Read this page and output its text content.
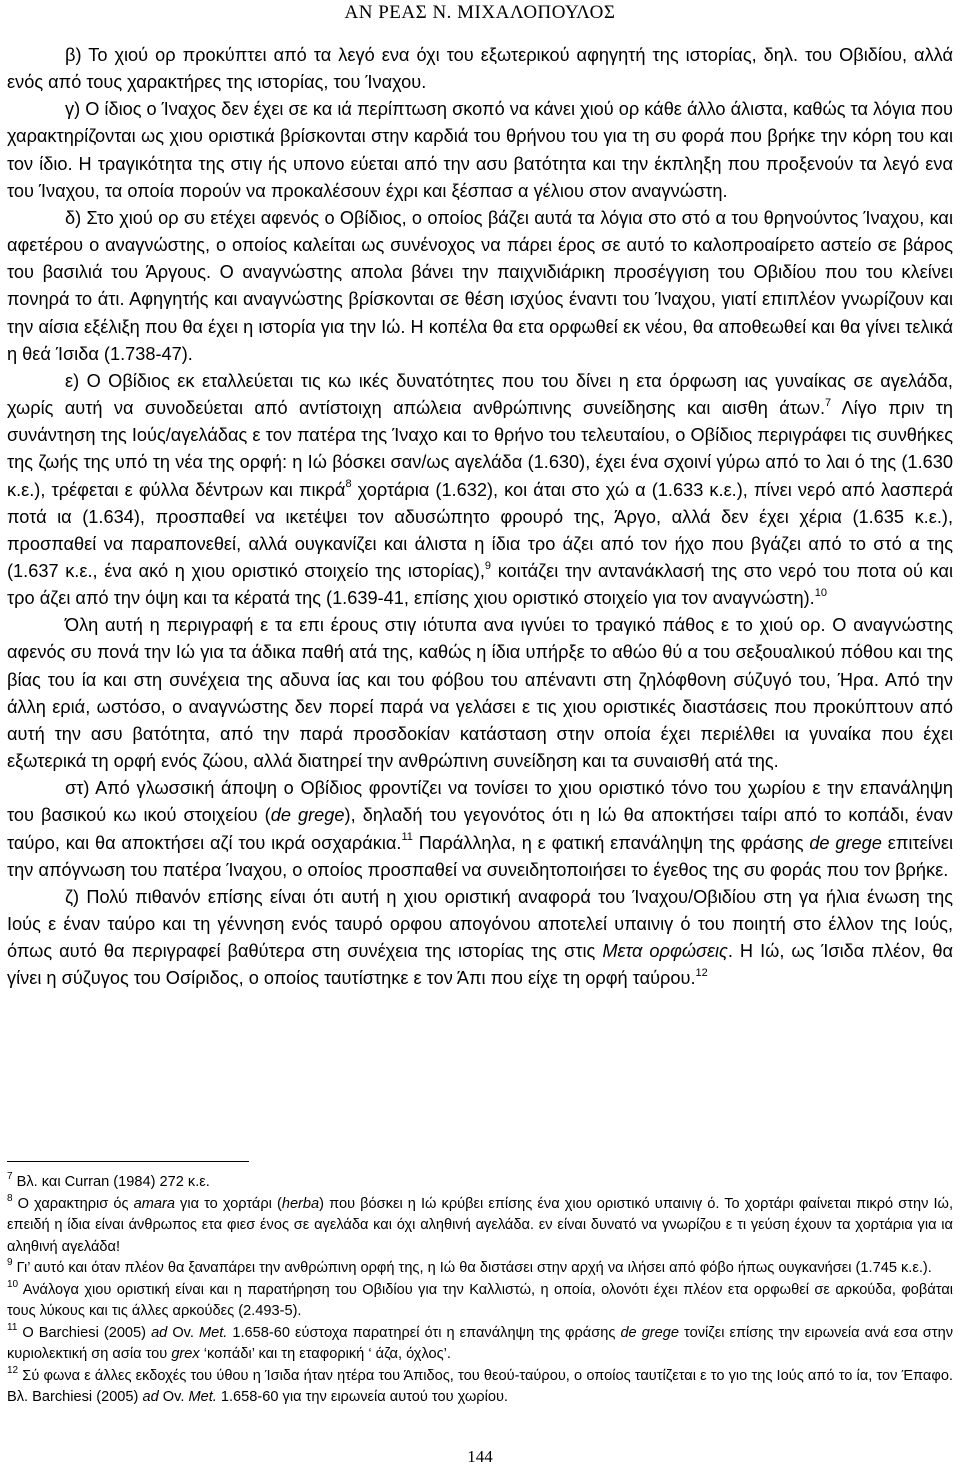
ΑΝ ΡΕΑΣ Ν. ΜΙΧΑΛΟΠΟΥΛΟΣ

β) Το χιού ορ προκύπτει από τα λεγό ενα όχι του εξωτερικού αφηγητή της ιστορίας, δηλ. του Οβιδίου, αλλά ενός από τους χαρακτήρες της ιστορίας, του Ίναχου.

γ) Ο ίδιος ο Ίναχος δεν έχει σε κα ιά περίπτωση σκοπό να κάνει χιού ορ κάθε άλλο άλιστα, καθώς τα λόγια που χαρακτηρίζονται ως χιου οριστικά βρίσκονται στην καρδιά του θρήνου του για τη συ φορά που βρήκε την κόρη του και τον ίδιο. Η τραγικότητα της στιγ ής υπονο εύεται από την ασυ βατότητα και την έκπληξη που προξενούν τα λεγό ενα του Ίναχου, τα οποία πορούν να προκαλέσουν έχρι και ξέσπασ α γέλιου στον αναγνώστη.

δ) Στο χιού ορ συ ετέχει αφενός ο Οβίδιος, ο οποίος βάζει αυτά τα λόγια στο στό α του θρηνούντος Ίναχου, και αφετέρου ο αναγνώστης, ο οποίος καλείται ως συνένοχος να πάρει έρος σε αυτό το καλοπροαίρετο αστείο σε βάρος του βασιλιά του Άργους. Ο αναγνώστης απολα βάνει την παιχνιδιάρικη προσέγγιση του Οβιδίου που του κλείνει πονηρά το άτι. Αφηγητής και αναγνώστης βρίσκονται σε θέση ισχύος έναντι του Ίναχου, γιατί επιπλέον γνωρίζουν και την αίσια εξέλιξη που θα έχει η ιστορία για την Ιώ. Η κοπέλα θα ετα ορφωθεί εκ νέου, θα αποθεωθεί και θα γίνει τελικά η θεά Ίσιδα (1.738-47).

ε) Ο Οβίδιος εκ εταλλεύεται τις κω ικές δυνατότητες που του δίνει η ετα όρφωση ιας γυναίκας σε αγελάδα, χωρίς αυτή να συνοδεύεται από αντίστοιχη απώλεια ανθρώπινης συνείδησης και αισθη άτων.$^7$ Λίγο πριν τη συνάντηση της Ιούς/αγελάδας ε τον πατέρα της Ίναχο και το θρήνο του τελευταίου, ο Οβίδιος περιγράφει τις συνθήκες της ζωής της υπό τη νέα της ορφή: η Ιώ βόσκει σαν/ως αγελάδα (1.630), έχει ένα σχοινί γύρω από το λαι ό της (1.630 κ.ε.), τρέφεται ε φύλλα δέντρων και πικρά$^8$ χορτάρια (1.632), κοι άται στο χώ α (1.633 κ.ε.), πίνει νερό από λασπερά ποτά ια (1.634), προσπαθεί να ικετέψει τον αδυσώπητο φρουρό της, Άργο, αλλά δεν έχει χέρια (1.635 κ.ε.), προσπαθεί να παραπονεθεί, αλλά ουγκανίζει και άλιστα η ίδια τρο άζει από τον ήχο που βγάζει από το στό α της (1.637 κ.ε., ένα ακό η χιου οριστικό στοιχείο της ιστορίας),$^9$ κοιτάζει την αντανάκλασή της στο νερό του ποτα ού και τρο άζει από την όψη και τα κέρατά της (1.639-41, επίσης χιου οριστικό στοιχείο για τον αναγνώστη).$^{10}$

Όλη αυτή η περιγραφή ε τα επι έρους στιγ ιότυπα ανα ιγνύει το τραγικό πάθος ε το χιού ορ. Ο αναγνώστης αφενός συ πονά την Ιώ για τα άδικα παθή ατά της, καθώς η ίδια υπήρξε το αθώο θύ α του σεξουαλικού πόθου και της βίας του ία και στη συνέχεια της αδυνα ίας και του φόβου του απέναντι στη ζηλόφθονη σύζυγό του, Ήρα. Από την άλλη εριά, ωστόσο, ο αναγνώστης δεν πορεί παρά να γελάσει ε τις χιου οριστικές διαστάσεις που προκύπτουν από αυτή την ασυ βατότητα, από την παρά προσδοκίαν κατάσταση στην οποία έχει περιέλθει ια γυναίκα που έχει εξωτερικά τη ορφή ενός ζώου, αλλά διατηρεί την ανθρώπινη συνείδηση και τα συναισθή ατά της.

στ) Από γλωσσική άποψη ο Οβίδιος φροντίζει να τονίσει το χιου οριστικό τόνο του χωρίου ε την επανάληψη του βασικού κω ικού στοιχείου (de grege), δηλαδή του γεγονότος ότι η Ιώ θα αποκτήσει ταίρι από το κοπάδι, έναν ταύρο, και θα αποκτήσει αζί του ικρά οσχαράκια.$^{11}$ Παράλληλα, η ε φατική επανάληψη της φράσης de grege επιτείνει την απόγνωση του πατέρα Ίναχου, ο οποίος προσπαθεί να συνειδητοποιήσει το έγεθος της συ φοράς που τον βρήκε.

ζ) Πολύ πιθανόν επίσης είναι ότι αυτή η χιου οριστική αναφορά του Ίναχου/Οβιδίου στη γα ήλια ένωση της Ιούς ε έναν ταύρο και τη γέννηση ενός ταυρό ορφου απογόνου αποτελεί υπαινιγ ό του ποιητή στο έλλον της Ιούς, όπως αυτό θα περιγραφεί βαθύτερα στη συνέχεια της ιστορίας της στις Μετα ορφώσεις. Η Ιώ, ως Ίσιδα πλέον, θα γίνει η σύζυγος του Οσίριδος, ο οποίος ταυτίστηκε ε τον Άπι που είχε τη ορφή ταύρου.$^{12}$

$^7$ Βλ. και Curran (1984) 272 κ.ε.

$^8$ Ο χαρακτηρισ ός amara για το χορτάρι (herba) που βόσκει η Ιώ κρύβει επίσης ένα χιου οριστικό υπαινιγ ό. Το χορτάρι φαίνεται πικρό στην Ιώ, επειδή η ίδια είναι άνθρωπος ετα φιεσ ένος σε αγελάδα και όχι αληθινή αγελάδα. εν είναι δυνατό να γνωρίζου ε τι γεύση έχουν τα χορτάρια για ια αληθινή αγελάδα!

$^9$ Γι’ αυτό και όταν πλέον θα ξαναπάρει την ανθρώπινη ορφή της, η Ιώ θα διστάσει στην αρχή να ιλήσει από φόβο ήπως ουγκανήσει (1.745 κ.ε.).

$^{10}$ Ανάλογα χιου οριστική είναι και η παρατήρηση του Οβιδίου για την Καλλιστώ, η οποία, ολονότι έχει πλέον ετα ορφωθεί σε αρκούδα, φοβάται τους λύκους και τις άλλες αρκούδες (2.493-5).

$^{11}$ Ο Barchiesi (2005) ad Ov. Met. 1.658-60 εύστοχα παρατηρεί ότι η επανάληψη της φράσης de grege τονίζει επίσης την ειρωνεία ανά εσα στην κυριολεκτική ση ασία του grex ‘κοπάδι’ και τη εταφορική ‘ άζα, όχλος’.

$^{12}$ Σύ φωνα ε άλλες εκδοχές του ύθου η Ίσιδα ήταν ητέρα του Άπιδος, του θεού-ταύρου, ο οποίος ταυτίζεται ε το γιο της Ιούς από το ία, τον Έπαφο. Βλ. Barchiesi (2005) ad Ov. Met. 1.658-60 για την ειρωνεία αυτού του χωρίου.

144
